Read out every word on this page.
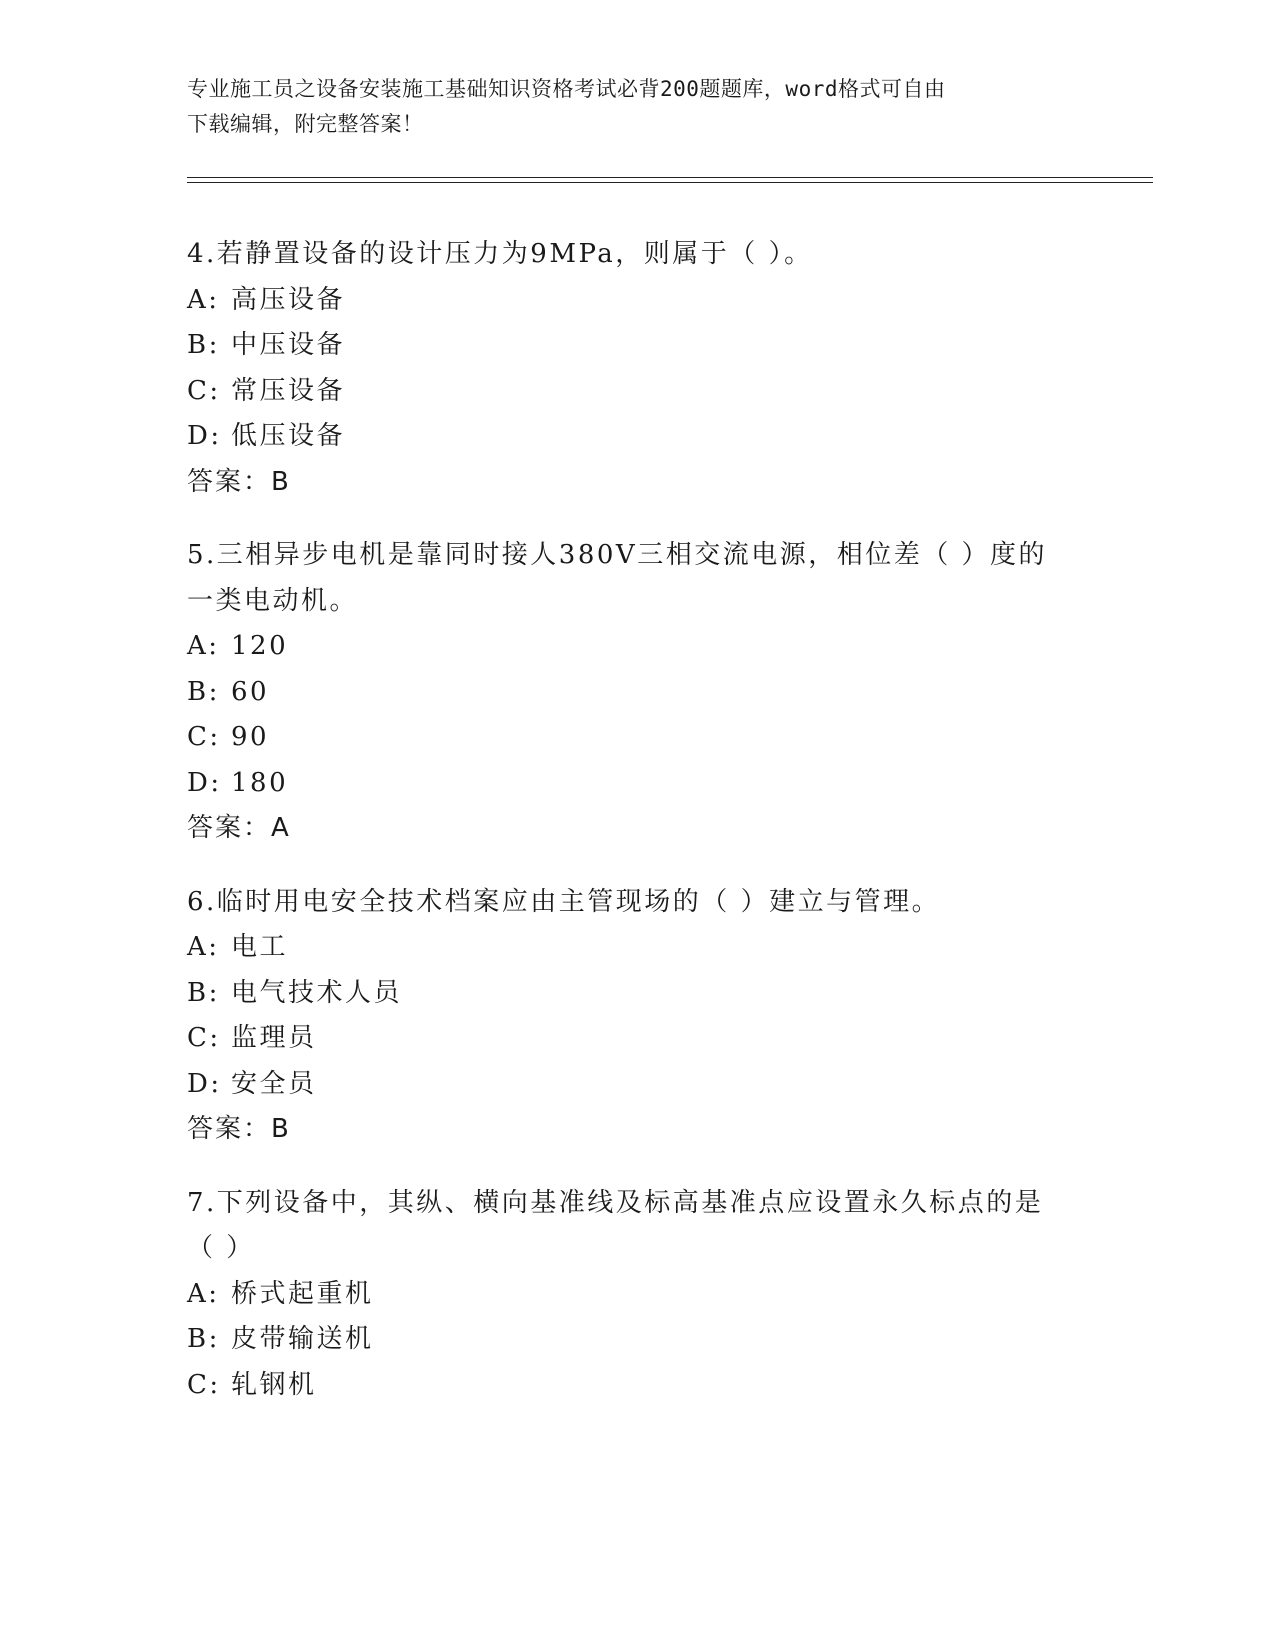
专业施工员之设备安装施工基础知识资格考试必背200题题库，word格式可自由
下载编辑，附完整答案！

4.若静置设备的设计压力为9MPa，则属于（ ）。

A: 高压设备

B: 中压设备

C: 常压设备

D: 低压设备

答案：B

5.三相异步电机是靠同时接人380V三相交流电源，相位差（ ）度的
一类电动机。

A: 120

B: 60

C: 90

D: 180

答案：A

6.临时用电安全技术档案应由主管现场的（ ）建立与管理。

A: 电工

B: 电气技术人员

C: 监理员

D: 安全员

答案：B

7.下列设备中，其纵、横向基准线及标高基准点应设置永久标点的是
（ ）

A: 桥式起重机

B: 皮带输送机

C: 轧钢机
